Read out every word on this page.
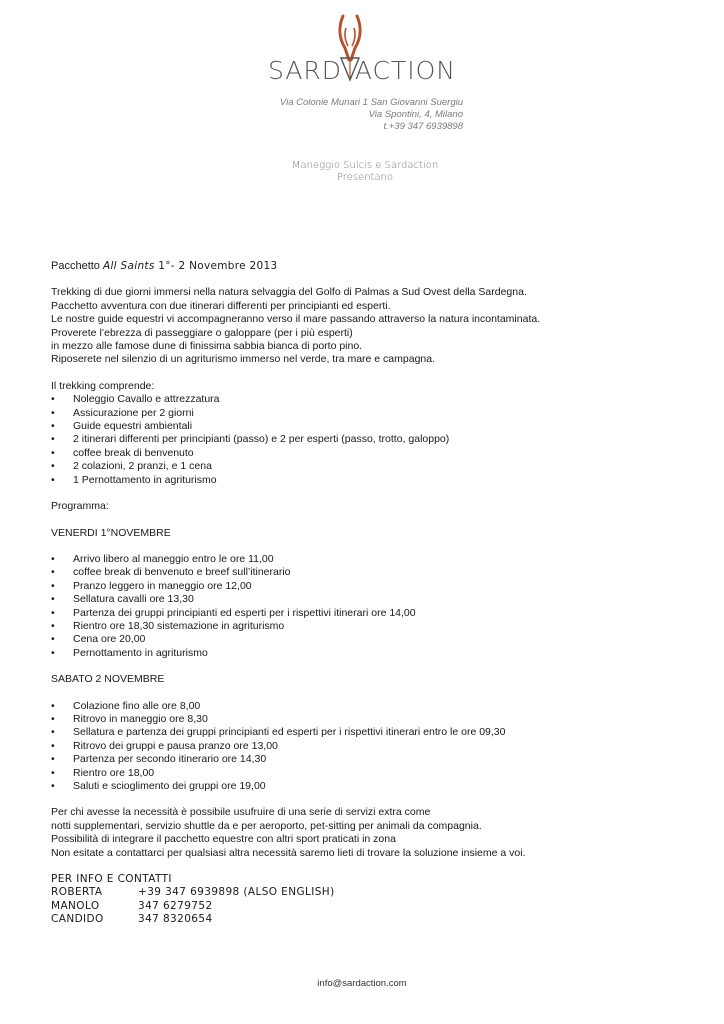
SARD ACTION
Via Colonie Munari 1 San Giovanni Suergiu
Via Spontini, 4, Milano
t.+39 347 6939898
Maneggio Sulcis e Sardaction
Presentano
Pacchetto All Saints 1°- 2 Novembre 2013

Trekking di due giorni immersi nella natura selvaggia del Golfo di Palmas a Sud Ovest della Sardegna.

Pacchetto avventura con due itinerari differenti per principianti ed esperti.

Le nostre guide equestri vi accompagneranno verso il mare passando attraverso la natura incontaminata.

Proverete l’ebrezza di passeggiare o galoppare (per i più esperti)

in mezzo alle famose dune di finissima sabbia bianca di porto pino.

Riposerete nel silenzio di un agriturismo immerso nel verde, tra mare e campagna.

Il trekking comprende:

• Noleggio Cavallo e attrezzatura
• Assicurazione per 2 giorni
• Guide equestri ambientali
• 2 itinerari differenti per principianti (passo) e 2 per esperti (passo, trotto, galoppo)
• coffee break di benvenuto
• 2 colazioni, 2 pranzi, e 1 cena
• 1 Pernottamento in agriturismo

Programma:

VENERDI 1°NOVEMBRE

• Arrivo libero al maneggio entro le ore 11,00
• coffee break di benvenuto e breef sull’itinerario
• Pranzo leggero in maneggio ore 12,00
• Sellatura cavalli ore 13,30
• Partenza dei gruppi principianti ed esperti per i rispettivi itinerari ore 14,00
• Rientro ore 18,30 sistemazione in agriturismo
• Cena ore 20,00
• Pernottamento in agriturismo

SABATO 2 NOVEMBRE

• Colazione fino alle ore 8,00
• Ritrovo in maneggio ore 8,30
• Sellatura e partenza dei gruppi principianti ed esperti per i rispettivi itinerari entro le ore 09,30
• Ritrovo dei gruppi e pausa pranzo ore 13,00
• Partenza per secondo itinerario ore 14,30
• Rientro ore 18,00
• Saluti e scioglimento dei gruppi ore 19,00

Per chi avesse la necessità è possibile usufruire di una serie di servizi extra come

notti supplementari, servizio shuttle da e per aeroporto, pet-sitting per animali da compagnia.

Possibilità di integrare il pacchetto equestre con altri sport praticati in zona

Non esitate a contattarci per qualsiasi altra necessità saremo lieti di trovare la soluzione insieme a voi.

PER INFO E CONTATTI
ROBERTA	+39 347 6939898 (ALSO ENGLISH)
MANOLO	347 6279752
CANDIDO	347 8320654
info@sardaction.com
